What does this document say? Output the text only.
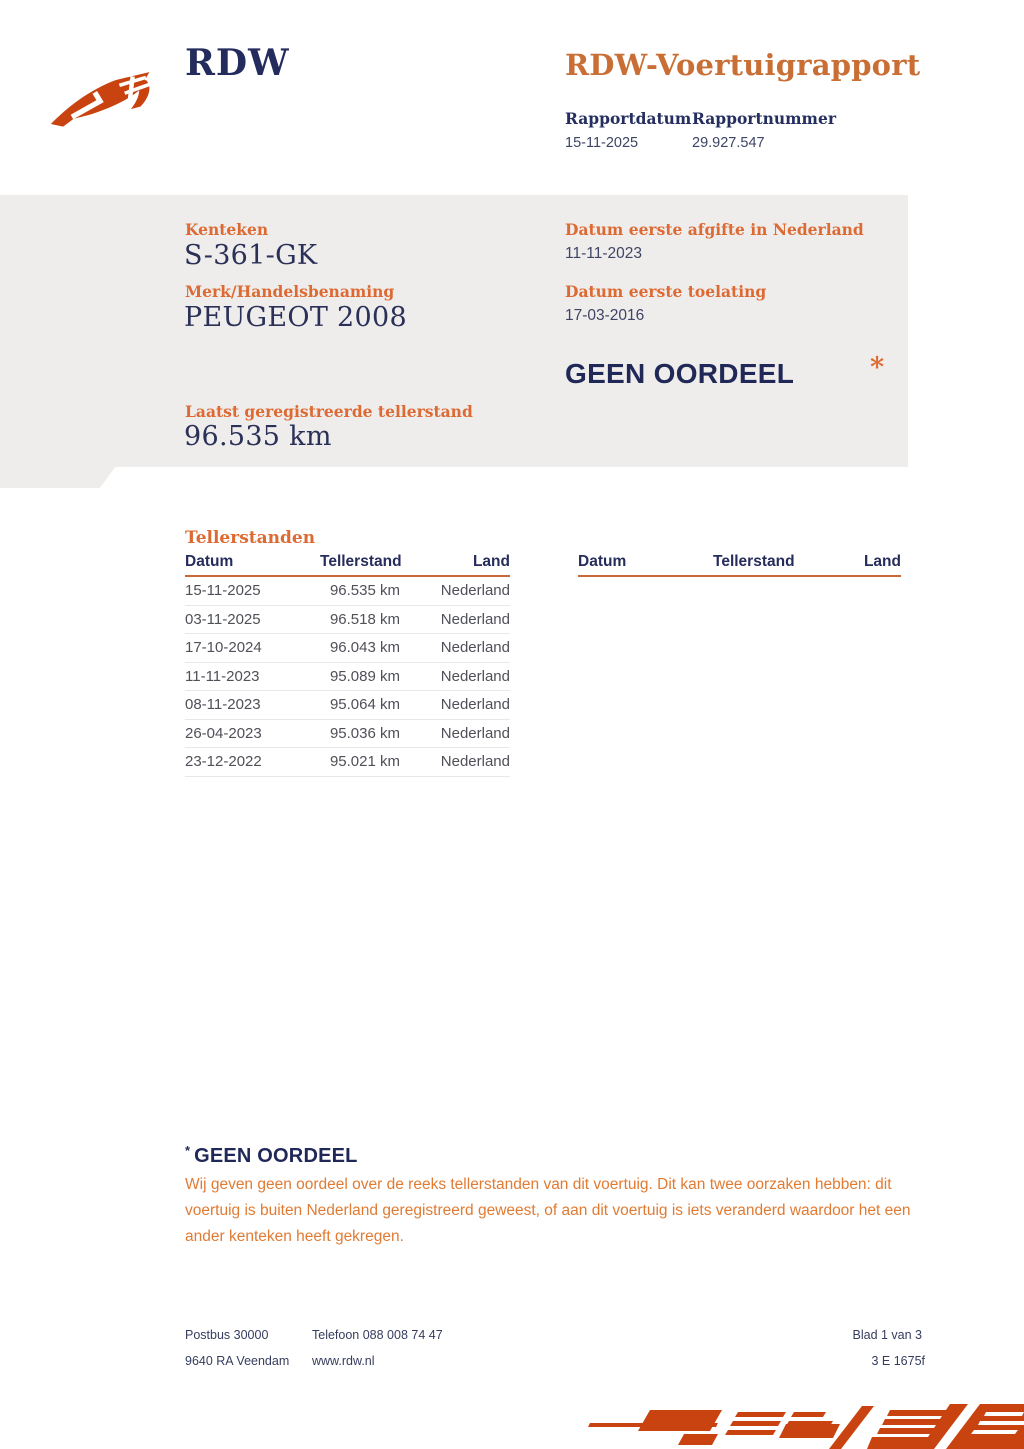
RDW	RDW-Voertuigrapport
Rapportdatum Rapportnummer
15-11-2025	29.927.547
Kenteken
S-361-GK
Merk/Handelsbenaming
PEUGEOT 2008
Datum eerste afgifte in Nederland
11-11-2023
Datum eerste toelating
17-03-2016
GEEN OORDEEL	*
Laatst geregistreerde tellerstand
96.535 km
Tellerstanden
Datum	Tellerstand	Land
15-11-2025	96.535 km	Nederland
03-11-2025	96.518 km	Nederland
17-10-2024	96.043 km	Nederland
11-11-2023	95.089 km	Nederland
08-11-2023	95.064 km	Nederland
26-04-2023	95.036 km	Nederland
23-12-2022	95.021 km	Nederland
Datum	Tellerstand	Land
* GEEN OORDEEL
Wij geven geen oordeel over de reeks tellerstanden van dit voertuig. Dit kan twee oorzaken hebben: dit voertuig is buiten Nederland geregistreerd geweest, of aan dit voertuig is iets veranderd waardoor het een ander kenteken heeft gekregen.
Postbus 30000
9640 RA Veendam
Telefoon 088 008 74 47
www.rdw.nl
Blad 1 van 3
3 E 1675f
